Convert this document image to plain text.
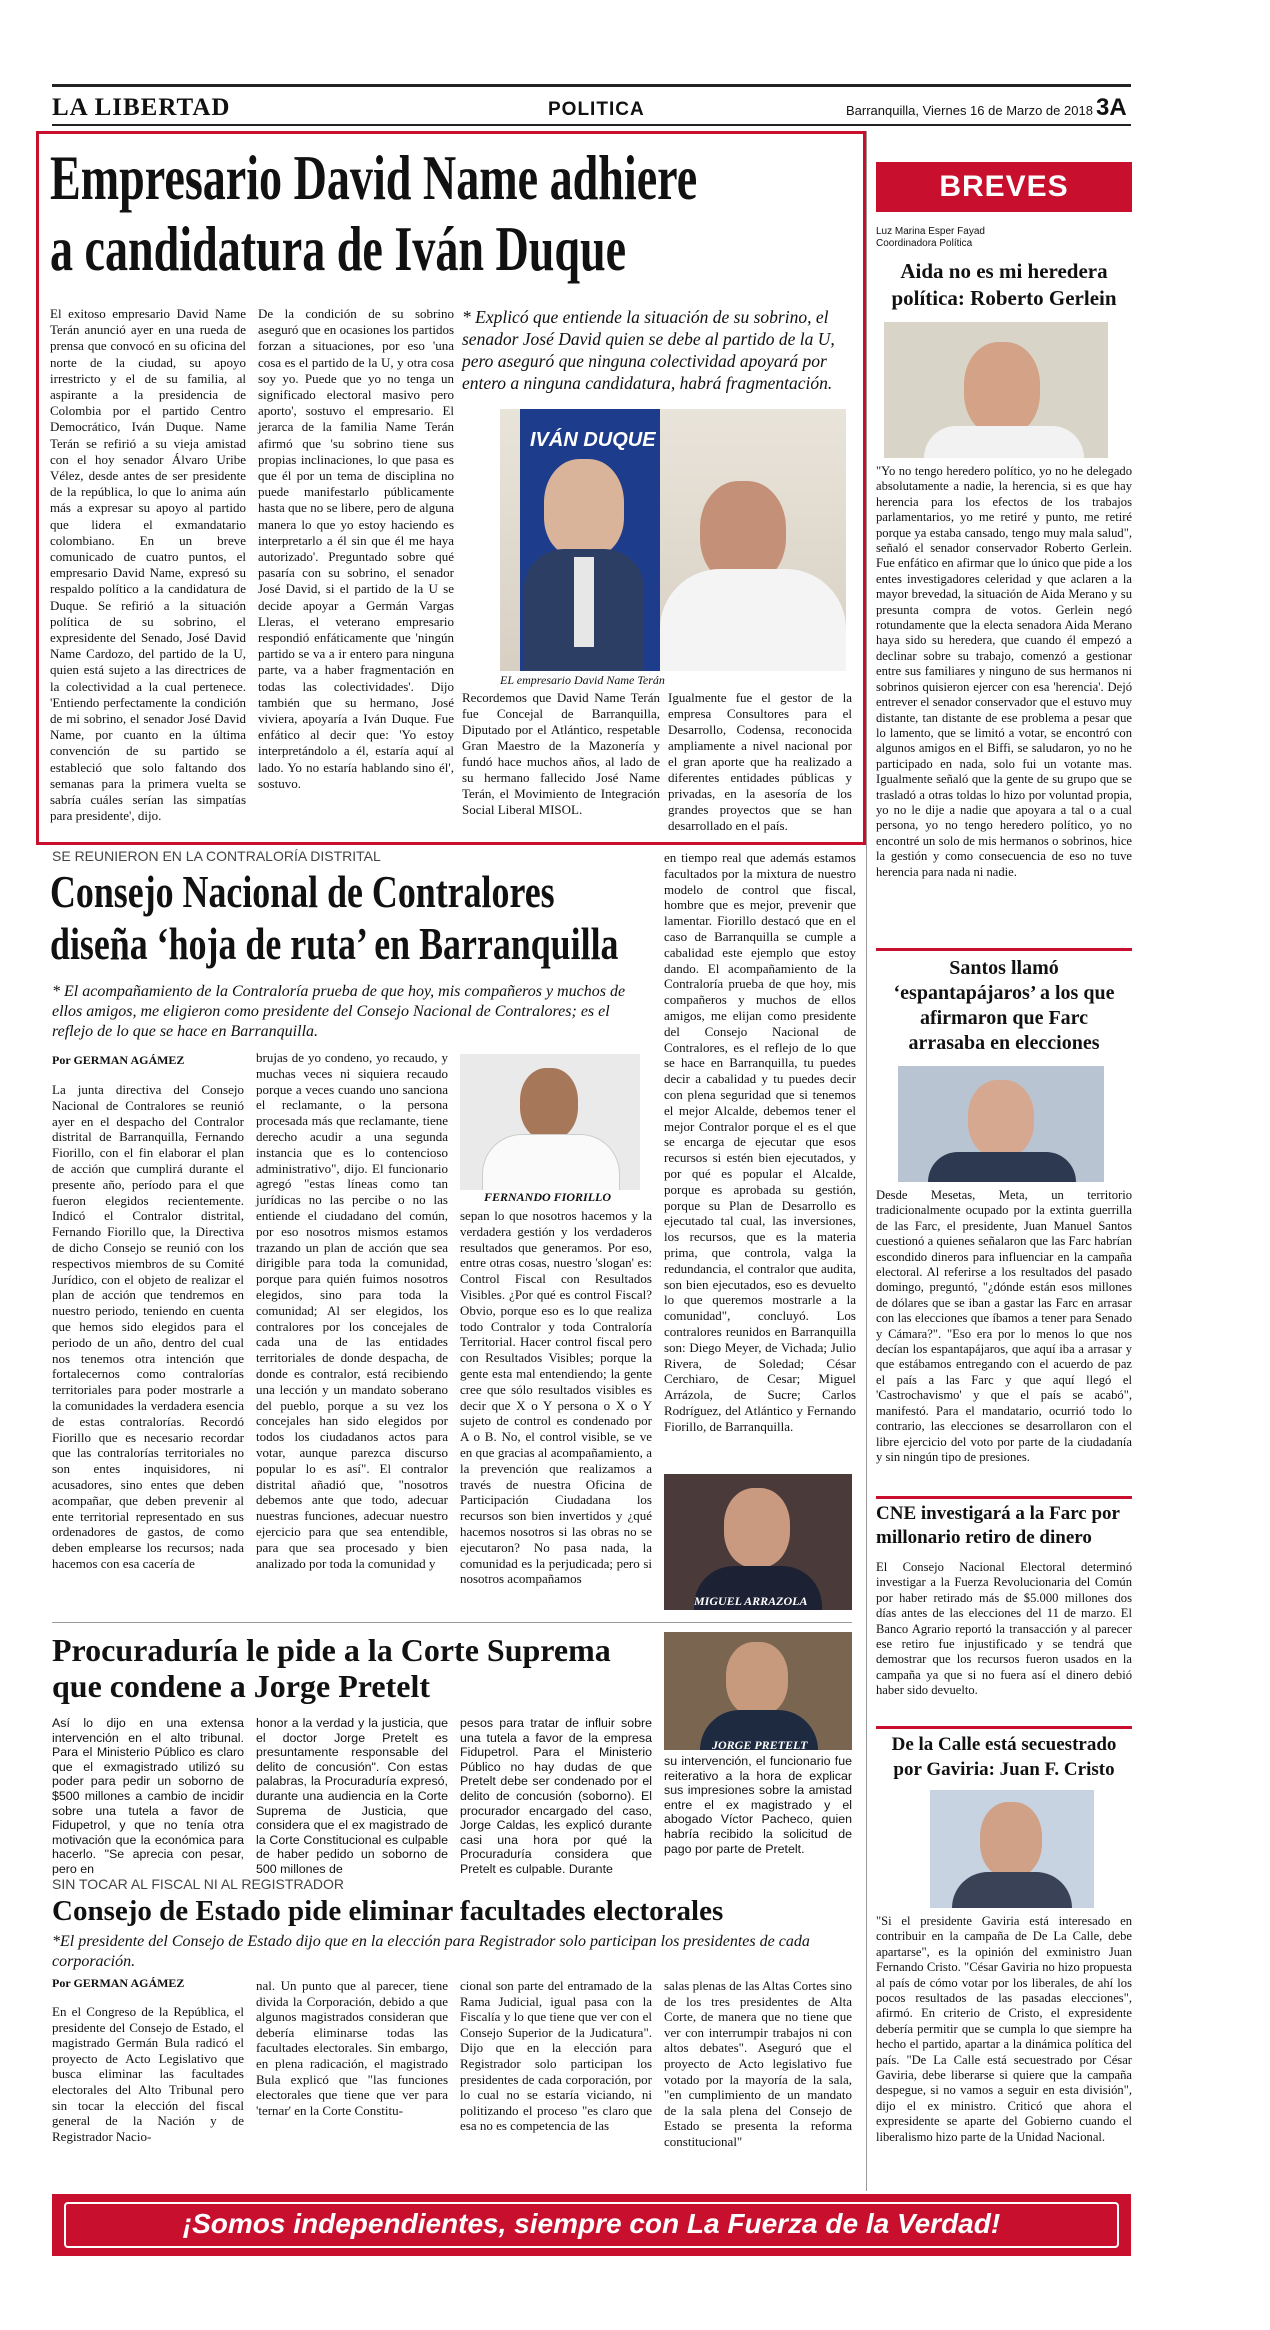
LA LIBERTAD	POLITICA	Barranquilla, Viernes 16 de Marzo de 2018 3A
Empresario David Name adhiere
a candidatura de Iván Duque
El exitoso empresario David Name Terán anunció ayer en una rueda de prensa que convocó en su oficina del norte de la ciudad, su apoyo irrestricto y el de su familia, al aspirante a la presidencia de Colombia por el partido Centro Democrático, Iván Duque. Name Terán se refirió a su vieja amistad con el hoy senador Álvaro Uribe Vélez, desde antes de ser presidente de la república, lo que lo anima aún más a expresar su apoyo al partido que lidera el exmandatario colombiano. En un breve comunicado de cuatro puntos, el empresario David Name, expresó su respaldo político a la candidatura de Duque. Se refirió a la situación política de su sobrino, el expresidente del Senado, José David Name Cardozo, del partido de la U, quien está sujeto a las directrices de la colectividad a la cual pertenece. 'Entiendo perfectamente la condición de mi sobrino, el senador José David Name, por cuanto en la última convención de su partido se estableció que solo faltando dos semanas para la primera vuelta se sabría cuáles serían las simpatías para presidente', dijo.
De la condición de su sobrino aseguró que en ocasiones los partidos forzan a situaciones, por eso 'una cosa es el partido de la U, y otra cosa soy yo. Puede que yo no tenga un significado electoral masivo pero aporto', sostuvo el empresario. El jerarca de la familia Name Terán afirmó que 'su sobrino tiene sus propias inclinaciones, lo que pasa es que él por un tema de disciplina no puede manifestarlo públicamente hasta que no se libere, pero de alguna manera lo que yo estoy haciendo es interpretarlo a él sin que él me haya autorizado'. Preguntado sobre qué pasaría con su sobrino, el senador José David, si el partido de la U se decide apoyar a Germán Vargas Lleras, el veterano empresario respondió enfáticamente que 'ningún partido se va a ir entero para ninguna parte, va a haber fragmentación en todas las colectividades'. Dijo también que su hermano, José viviera, apoyaría a Iván Duque. Fue enfático al decir que: 'Yo estoy interpretándolo a él, estaría aquí al lado. Yo no estaría hablando sino él', sostuvo.
* Explicó que entiende la situación de su sobrino, el senador José David quien se debe al partido de la U, pero aseguró que ninguna colectividad apoyará por entero a ninguna candidatura, habrá fragmentación.
IVÁN DUQUE
EL empresario David Name Terán
Recordemos que David Name Terán fue Concejal de Barranquilla, Diputado por el Atlántico, respetable Gran Maestro de la Mazonería y fundó hace muchos años, al lado de su hermano fallecido José Name Terán, el Movimiento de Integración Social Liberal MISOL.
Igualmente fue el gestor de la empresa Consultores para el Desarrollo, Codensa, reconocida ampliamente a nivel nacional por el gran aporte que ha realizado a diferentes entidades públicas y privadas, en la asesoría de los grandes proyectos que se han desarrollado en el país.
SE REUNIERON EN LA CONTRALORÍA DISTRITAL
Consejo Nacional de Contralores
diseña ‘hoja de ruta’ en Barranquilla
* El acompañamiento de la Contraloría prueba de que hoy, mis compañeros y muchos de ellos amigos, me eligieron como presidente del Consejo Nacional de Contralores; es el reflejo de lo que se hace en Barranquilla.
Por GERMAN AGÁMEZ
La junta directiva del Consejo Nacional de Contralores se reunió ayer en el despacho del Contralor distrital de Barranquilla, Fernando Fiorillo, con el fin elaborar el plan de acción que cumplirá durante el presente año, período para el que fueron elegidos recientemente. Indicó el Contralor distrital, Fernando Fiorillo que, la Directiva de dicho Consejo se reunió con los respectivos miembros de su Comité Jurídico, con el objeto de realizar el plan de acción que tendremos en nuestro periodo, teniendo en cuenta que hemos sido elegidos para el periodo de un año, dentro del cual nos tenemos otra intención que fortalecernos como contralorías territoriales para poder mostrarle a la comunidades la verdadera esencia de estas contralorías. Recordó Fiorillo que es necesario recordar que las contralorías territoriales no son entes inquisidores, ni acusadores, sino entes que deben acompañar, que deben prevenir al ente territorial representado en sus ordenadores de gastos, de como deben emplearse los recursos; nada hacemos con esa cacería de
brujas de yo condeno, yo recaudo, y muchas veces ni siquiera recaudo porque a veces cuando uno sanciona el reclamante, o la persona procesada más que reclamante, tiene derecho acudir a una segunda instancia que es lo contencioso administrativo", dijo. El funcionario agregó "estas líneas como tan jurídicas no las percibe o no las entiende el ciudadano del común, por eso nosotros mismos estamos trazando un plan de acción que sea dirigible para toda la comunidad, porque para quién fuimos nosotros elegidos, sino para toda la comunidad; Al ser elegidos, los contralores por los concejales de cada una de las entidades territoriales de donde despacha, de donde es contralor, está recibiendo una lección y un mandato soberano del pueblo, porque a su vez los concejales han sido elegidos por todos los ciudadanos actos para votar, aunque parezca discurso popular lo es así". El contralor distrital añadió que, "nosotros debemos ante que todo, adecuar nuestras funciones, adecuar nuestro ejercicio para que sea entendible, para que sea procesado y bien analizado por toda la comunidad y
FERNANDO FIORILLO
sepan lo que nosotros hacemos y la verdadera gestión y los verdaderos resultados que generamos. Por eso, entre otras cosas, nuestro 'slogan' es: Control Fiscal con Resultados Visibles. ¿Por qué es control Fiscal? Obvio, porque eso es lo que realiza todo Contralor y toda Contraloría Territorial. Hacer control fiscal pero con Resultados Visibles; porque la gente esta mal entendiendo; la gente cree que sólo resultados visibles es decir que X o Y persona o X o Y sujeto de control es condenado por A o B. No, el control visible, se ve en que gracias al acompañamiento, a la prevención que realizamos a través de nuestra Oficina de Participación Ciudadana los recursos son bien invertidos y ¿qué hacemos nosotros si las obras no se ejecutaron? No pasa nada, la comunidad es la perjudicada; pero si nosotros acompañamos
en tiempo real que además estamos facultados por la mixtura de nuestro modelo de control que fiscal, hombre que es mejor, prevenir que lamentar. Fiorillo destacó que en el caso de Barranquilla se cumple a cabalidad este ejemplo que estoy dando. El acompañamiento de la Contraloría prueba de que hoy, mis compañeros y muchos de ellos amigos, me elijan como presidente del Consejo Nacional de Contralores, es el reflejo de lo que se hace en Barranquilla, tu puedes decir a cabalidad y tu puedes decir con plena seguridad que si tenemos el mejor Alcalde, debemos tener el mejor Contralor porque el es el que se encarga de ejecutar que esos recursos si estén bien ejecutados, y por qué es popular el Alcalde, porque es aprobada su gestión, porque su Plan de Desarrollo es ejecutado tal cual, las inversiones, los recursos, que es la materia prima, que controla, valga la redundancia, el contralor que audita, son bien ejecutados, eso es devuelto lo que queremos mostrarle a la comunidad", concluyó. Los contralores reunidos en Barranquilla son: Diego Meyer, de Vichada; Julio Rivera, de Soledad; César Cerchiaro, de Cesar; Miguel Arrázola, de Sucre; Carlos Rodríguez, del Atlántico y Fernando Fiorillo, de Barranquilla.
MIGUEL ARRAZOLA
Procuraduría le pide a la Corte Suprema
que condene a Jorge Pretelt
Así lo dijo en una extensa intervención en el alto tribunal. Para el Ministerio Público es claro que el exmagistrado utilizó su poder para pedir un soborno de $500 millones a cambio de incidir sobre una tutela a favor de Fidupetrol, y que no tenía otra motivación que la económica para hacerlo. "Se aprecia con pesar, pero en
honor a la verdad y la justicia, que el doctor Jorge Pretelt es presuntamente responsable del delito de concusión". Con estas palabras, la Procuraduría expresó, durante una audiencia en la Corte Suprema de Justicia, que considera que el ex magistrado de la Corte Constitucional es culpable de haber pedido un soborno de 500 millones de
pesos para tratar de influir sobre una tutela a favor de la empresa Fidupetrol. Para el Ministerio Público no hay dudas de que Pretelt debe ser condenado por el delito de concusión (soborno). El procurador encargado del caso, Jorge Caldas, les explicó durante casi una hora por qué la Procuraduría considera que Pretelt es culpable. Durante
JORGE PRETELT
su intervención, el funcionario fue reiterativo a la hora de explicar sus impresiones sobre la amistad entre el ex magistrado y el abogado Víctor Pacheco, quien habría recibido la solicitud de pago por parte de Pretelt.
SIN TOCAR AL FISCAL NI AL REGISTRADOR
Consejo de Estado pide eliminar facultades electorales
*El presidente del Consejo de Estado dijo que en la elección para Registrador solo participan los presidentes de cada corporación.
Por GERMAN AGÁMEZ
En el Congreso de la República, el presidente del Consejo de Estado, el magistrado Germán Bula radicó el proyecto de Acto Legislativo que busca eliminar las facultades electorales del Alto Tribunal pero sin tocar la elección del fiscal general de la Nación y de Registrador Nacio-
nal. Un punto que al parecer, tiene divida la Corporación, debido a que algunos magistrados consideran que debería eliminarse todas las facultades electorales. Sin embargo, en plena radicación, el magistrado Bula explicó que "las funciones electorales que tiene que ver para 'ternar' en la Corte Constitu-
cional son parte del entramado de la Rama Judicial, igual pasa con la Fiscalía y lo que tiene que ver con el Consejo Superior de la Judicatura". Dijo que en la elección para Registrador solo participan los presidentes de cada corporación, por lo cual no se estaría viciando, ni politizando el proceso "es claro que esa no es competencia de las
salas plenas de las Altas Cortes sino de los tres presidentes de Alta Corte, de manera que no tiene que ver con interrumpir trabajos ni con altos debates". Aseguró que el proyecto de Acto legislativo fue votado por la mayoría de la sala, "en cumplimiento de un mandato de la sala plena del Consejo de Estado se presenta la reforma constitucional"
BREVES
Luz Marina Esper Fayad
Coordinadora Política
Aida no es mi heredera
política: Roberto Gerlein
"Yo no tengo heredero político, yo no he delegado absolutamente a nadie, la herencia, si es que hay herencia para los efectos de los trabajos parlamentarios, yo me retiré y punto, me retiré porque ya estaba cansado, tengo muy mala salud", señaló el senador conservador Roberto Gerlein. Fue enfático en afirmar que lo único que pide a los entes investigadores celeridad y que aclaren a la mayor brevedad, la situación de Aida Merano y su presunta compra de votos. Gerlein negó rotundamente que la electa senadora Aida Merano haya sido su heredera, que cuando él empezó a declinar sobre su trabajo, comenzó a gestionar entre sus familiares y ninguno de sus hermanos ni sobrinos quisieron ejercer con esa 'herencia'. Dejó entrever el senador conservador que el estuvo muy distante, tan distante de ese problema a pesar que lo lamento, que se limitó a votar, se encontró con algunos amigos en el Biffi, se saludaron, yo no he participado en nada, solo fui un votante mas. Igualmente señaló que la gente de su grupo que se trasladó a otras toldas lo hizo por voluntad propia, yo no le dije a nadie que apoyara a tal o a cual persona, yo no tengo heredero político, yo no encontré un solo de mis hermanos o sobrinos, hice la gestión y como consecuencia de eso no tuve herencia para nada ni nadie.
Santos llamó
‘espantapájaros’ a los que
afirmaron que Farc
arrasaba en elecciones
Desde Mesetas, Meta, un territorio tradicionalmente ocupado por la extinta guerrilla de las Farc, el presidente, Juan Manuel Santos cuestionó a quienes señalaron que las Farc habrían escondido dineros para influenciar en la campaña electoral. Al referirse a los resultados del pasado domingo, preguntó, "¿dónde están esos millones de dólares que se iban a gastar las Farc en arrasar con las elecciones que íbamos a tener para Senado y Cámara?". "Eso era por lo menos lo que nos decían los espantapájaros, que aquí iba a arrasar y que estábamos entregando con el acuerdo de paz el país a las Farc y que aquí llegó el 'Castrochavismo' y que el país se acabó", manifestó. Para el mandatario, ocurrió todo lo contrario, las elecciones se desarrollaron con el libre ejercicio del voto por parte de la ciudadanía y sin ningún tipo de presiones.
CNE investigará a la Farc por
millonario retiro de dinero
El Consejo Nacional Electoral determinó investigar a la Fuerza Revolucionaria del Común por haber retirado más de $5.000 millones dos días antes de las elecciones del 11 de marzo. El Banco Agrario reportó la transacción y al parecer ese retiro fue injustificado y se tendrá que demostrar que los recursos fueron usados en la campaña ya que si no fuera así el dinero debió haber sido devuelto.
De la Calle está secuestrado
por Gaviria: Juan F. Cristo
"Si el presidente Gaviria está interesado en contribuir en la campaña de De La Calle, debe apartarse", es la opinión del exministro Juan Fernando Cristo. "César Gaviria no hizo propuesta al país de cómo votar por los liberales, de ahí los pocos resultados de las pasadas elecciones", afirmó. En criterio de Cristo, el expresidente debería permitir que se cumpla lo que siempre ha hecho el partido, apartar a la dinámica política del país. "De La Calle está secuestrado por César Gaviria, debe liberarse si quiere que la campaña despegue, si no vamos a seguir en esta división", dijo el ex ministro. Criticó que ahora el expresidente se aparte del Gobierno cuando el liberalismo hizo parte de la Unidad Nacional.
¡Somos independientes, siempre con La Fuerza de la Verdad!
